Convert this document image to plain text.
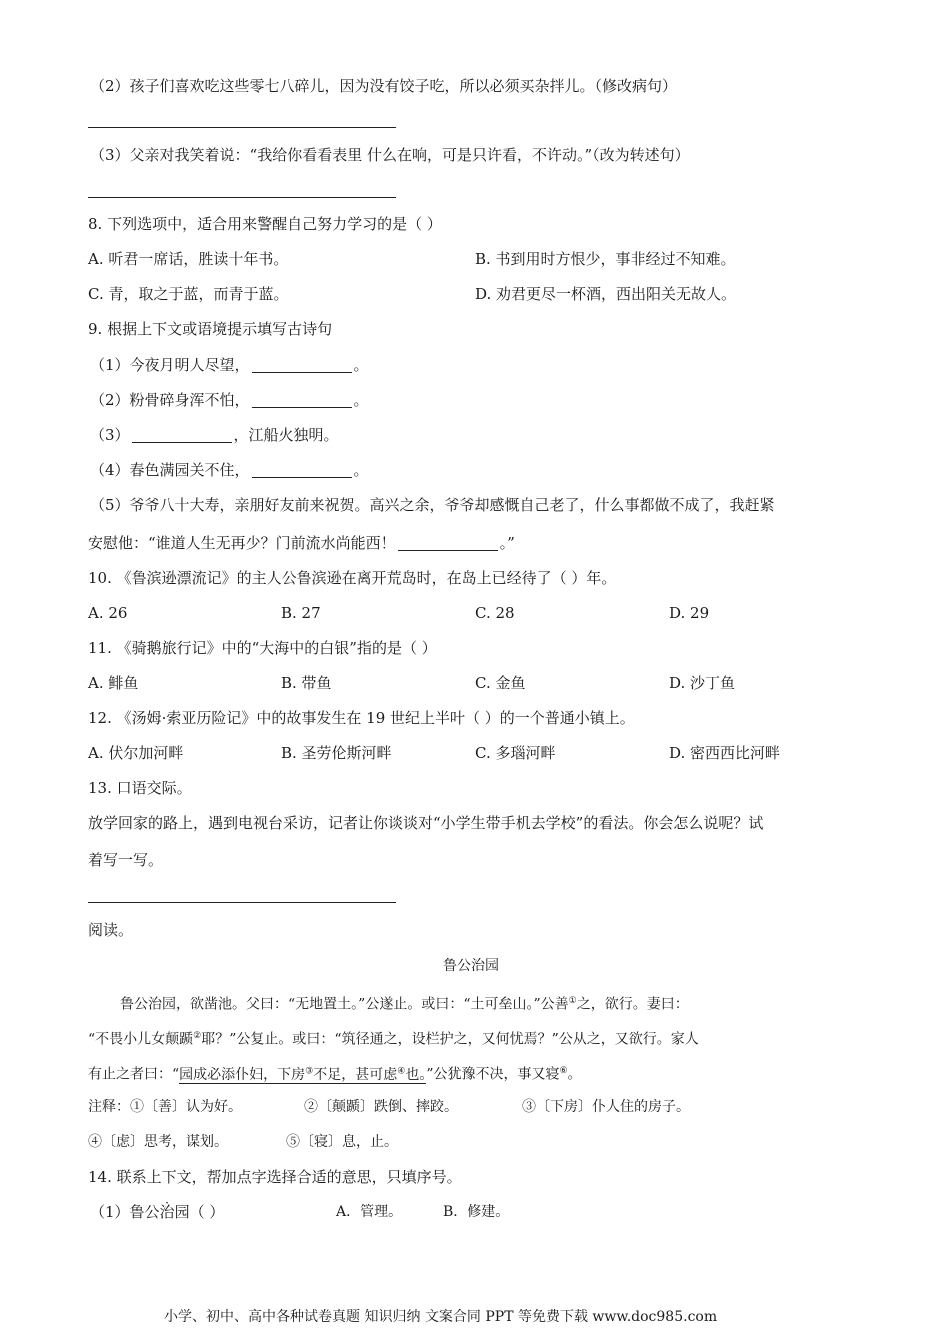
（2）孩子们喜欢吃这些零七八碎儿，因为没有饺子吃，所以必须买杂拌儿。（修改病句）
（3）父亲对我笑着说：“我给你看看表里 什么在响，可是只许看，不许动。”（改为转述句）
8. 下列选项中，适合用来警醒自己努力学习的是（ ）
A. 听君一席话，胜读十年书。	B. 书到用时方恨少，事非经过不知难。
C. 青，取之于蓝，而青于蓝。	D. 劝君更尽一杯酒，西出阳关无故人。
9. 根据上下文或语境提示填写古诗句
（1）今夜月明人尽望，	。
（2）粉骨碎身浑不怕，	。
（3）	，江船火独明。
（4）春色满园关不住，	。
（5）爷爷八十大寿，亲朋好友前来祝贺。高兴之余，爷爷却感慨自己老了，什么事都做不成了，我赶紧
安慰他：“谁道人生无再少？门前流水尚能西！	。”
10. 《鲁滨逊漂流记》的主人公鲁滨逊在离开荒岛时，在岛上已经待了（ ）年。
A. 26	B. 27	C. 28	D. 29
11. 《骑鹅旅行记》中的“大海中的白银”指的是（ ）
A. 鲱鱼	B. 带鱼	C. 金鱼	D. 沙丁鱼
12. 《汤姆·索亚历险记》中的故事发生在 19 世纪上半叶（ ）的一个普通小镇上。
A. 伏尔加河畔	B. 圣劳伦斯河畔	C. 多瑙河畔	D. 密西西比河畔
13. 口语交际。
放学回家的路上，遇到电视台采访，记者让你谈谈对“小学生带手机去学校”的看法。你会怎么说呢？试
着写一写。
阅读。
鲁公治园
鲁公治园，欲凿池。父曰：“无地置土。”公遂止。或曰：“土可垒山。”公善①之，欲行。妻曰：
“不畏小儿女颠踬②耶？”公复止。或曰：“筑径通之，设栏护之，又何忧焉？”公从之，又欲行。家人
有止之者曰：“园成必添仆妇，下房③不足，甚可虑④也。”公犹豫不决，事又寝⑥。
注释：①〔善〕认为好。	②〔颠踬〕跌倒、摔跤。	③〔下房〕仆人住的房子。
④〔虑〕思考，谋划。	⑤〔寝〕息，止。
14. 联系上下文，帮加点字选择合适的意思，只填序号。
（1）鲁公治园（ ）	A．管理。	B．修建。
小学、初中、高中各种试卷真题 知识归纳 文案合同 PPT 等免费下载 www.doc985.com
